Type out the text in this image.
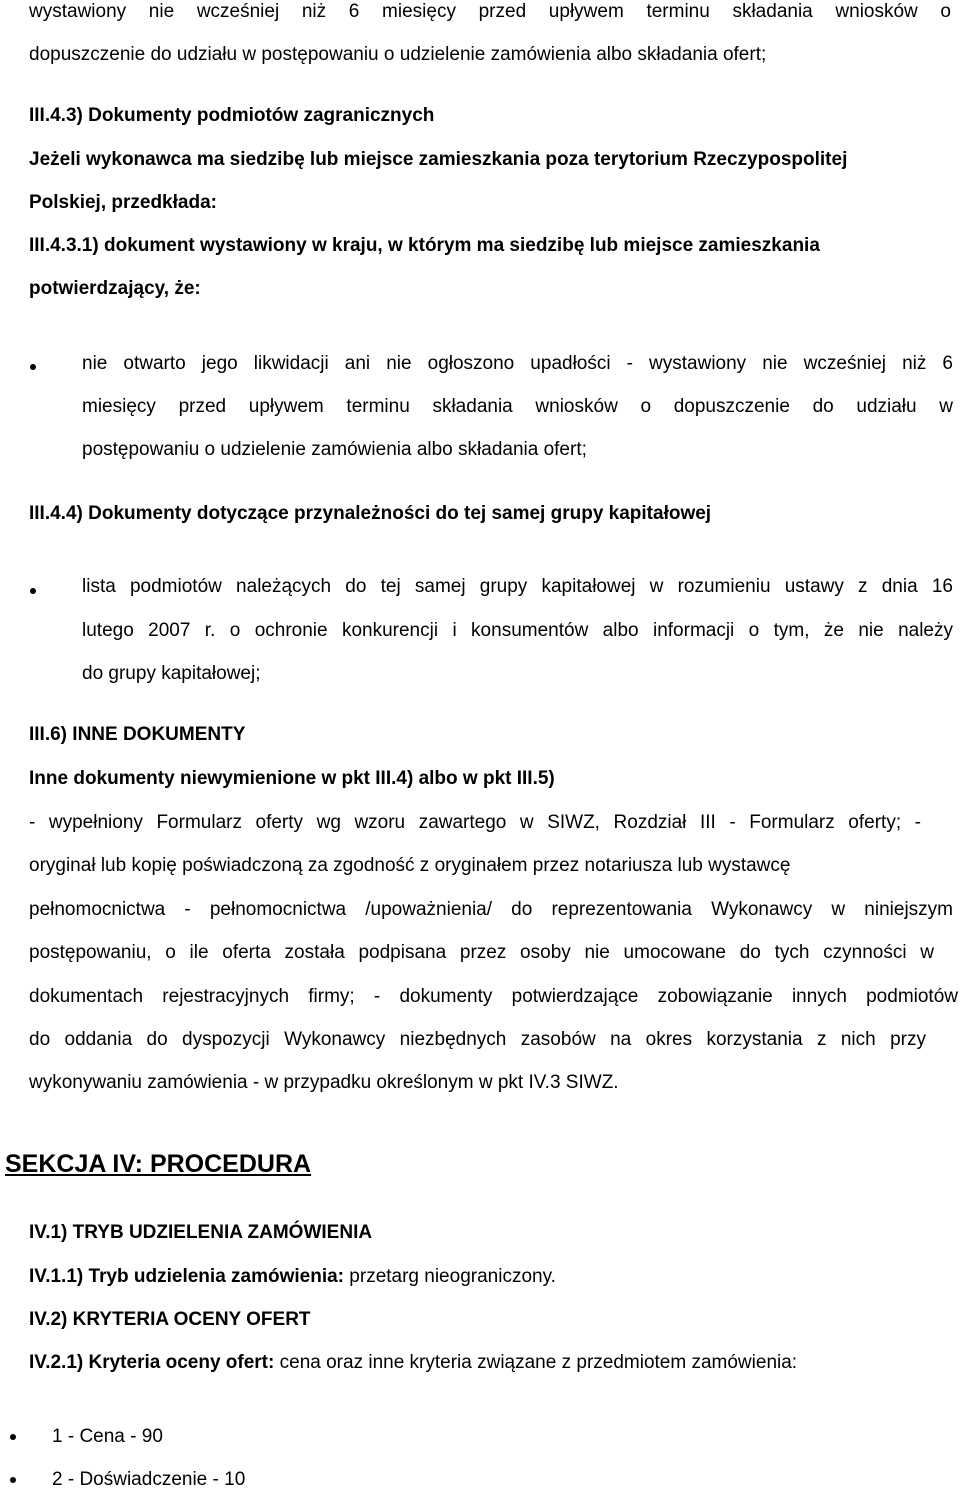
wystawiony nie wcześniej niż 6 miesięcy przed upływem terminu składania wniosków o
dopuszczenie do udziału w postępowaniu o udzielenie zamówienia albo składania ofert;
III.4.3) Dokumenty podmiotów zagranicznych
Jeżeli wykonawca ma siedzibę lub miejsce zamieszkania poza terytorium Rzeczypospolitej
Polskiej, przedkłada:
III.4.3.1) dokument wystawiony w kraju, w którym ma siedzibę lub miejsce zamieszkania
potwierdzający, że:
nie otwarto jego likwidacji ani nie ogłoszono upadłości - wystawiony nie wcześniej niż 6
miesięcy przed upływem terminu składania wniosków o dopuszczenie do udziału w
postępowaniu o udzielenie zamówienia albo składania ofert;
III.4.4) Dokumenty dotyczące przynależności do tej samej grupy kapitałowej
lista podmiotów należących do tej samej grupy kapitałowej w rozumieniu ustawy z dnia 16
lutego 2007 r. o ochronie konkurencji i konsumentów albo informacji o tym, że nie należy
do grupy kapitałowej;
III.6) INNE DOKUMENTY
Inne dokumenty niewymienione w pkt III.4) albo w pkt III.5)
- wypełniony Formularz oferty wg wzoru zawartego w SIWZ, Rozdział III - Formularz oferty; -
oryginał lub kopię poświadczoną za zgodność z oryginałem przez notariusza lub wystawcę
pełnomocnictwa - pełnomocnictwa /upoważnienia/ do reprezentowania Wykonawcy w niniejszym
postępowaniu, o ile oferta została podpisana przez osoby nie umocowane do tych czynności w
dokumentach rejestracyjnych firmy; - dokumenty potwierdzające zobowiązanie innych podmiotów
do oddania do dyspozycji Wykonawcy niezbędnych zasobów na okres korzystania z nich przy
wykonywaniu zamówienia - w przypadku określonym w pkt IV.3 SIWZ.
SEKCJA IV: PROCEDURA
IV.1) TRYB UDZIELENIA ZAMÓWIENIA
IV.1.1) Tryb udzielenia zamówienia: przetarg nieograniczony.
IV.2) KRYTERIA OCENY OFERT
IV.2.1) Kryteria oceny ofert: cena oraz inne kryteria związane z przedmiotem zamówienia:
1 - Cena - 90
2 - Doświadczenie - 10
